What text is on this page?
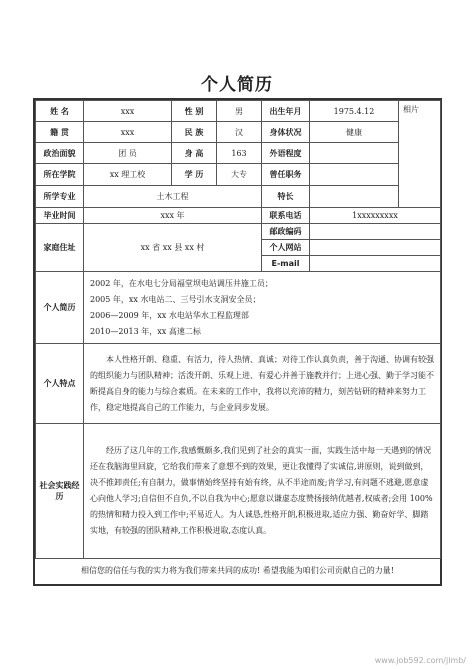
个人简历
姓 名	xxx	性 别	男	出生年月	1975.4.12	相片
籍 贯	xxx	民 族	汉	身体状况	健康	
政治面貌	团 员	身 高	163	外语程度		
所在学院	xx 理工校	学 历	大专	曾任职务		
所学专业	土木工程			特长		
毕业时间	xxx 年			联系电话	1xxxxxxxxx	
家庭住址	xx 省 xx 县 xx 村			邮政编码		
				个人网站		
				E-mail		
个人简历	2002 年，在水电七分局福堂坝电站调压井施工员；
2005 年，xx 水电站二、三号引水支洞安全员；
2006—2009 年，xx 水电站华水工程监理部
2010—2013 年，xx 高速二标					

个人特点	本人性格开朗、稳重、有活力，待人热情、真诚；对待工作认真负责，善于沟通、协调有较强的组织能力与团队精神；活泼开朗、乐观上进、有爱心并善于施教并行；上进心强、勤于学习能不断提高自身的能力与综合素质。在未来的工作中，我将以充沛的精力，刻苦钻研的精神来努力工作，稳定地提高自己的工作能力，与企业同步发展。					

社会实践经历	经历了这几年的工作,我感慨颇多,我们见到了社会的真实一面，实践生活中每一天遇到的情况还在我脑海里回旋，它给我们带来了意想不到的效果，更让我懂得了实诚信,讲原则，说到做到，决不推卸责任;有自制力，做事情始终坚持有始有终，从不半途而废;肯学习,有问题不逃避,愿意虚心向他人学习;自信但不自负,不以自我为中心;愿意以谦虚态度赞扬接纳优越者,权威者;会用 100%的热情和精力投入到工作中;平易近人。为人诚恳,性格开朗,积极进取,适应力强、勤奋好学、脚踏实地，有较强的团队精神,工作积极进取,态度认真。					
相信您的信任与我的实力将为我们带来共同的成功! 希望我能为咱们公司贡献自己的力量!
www.job592.com/jlmb/
